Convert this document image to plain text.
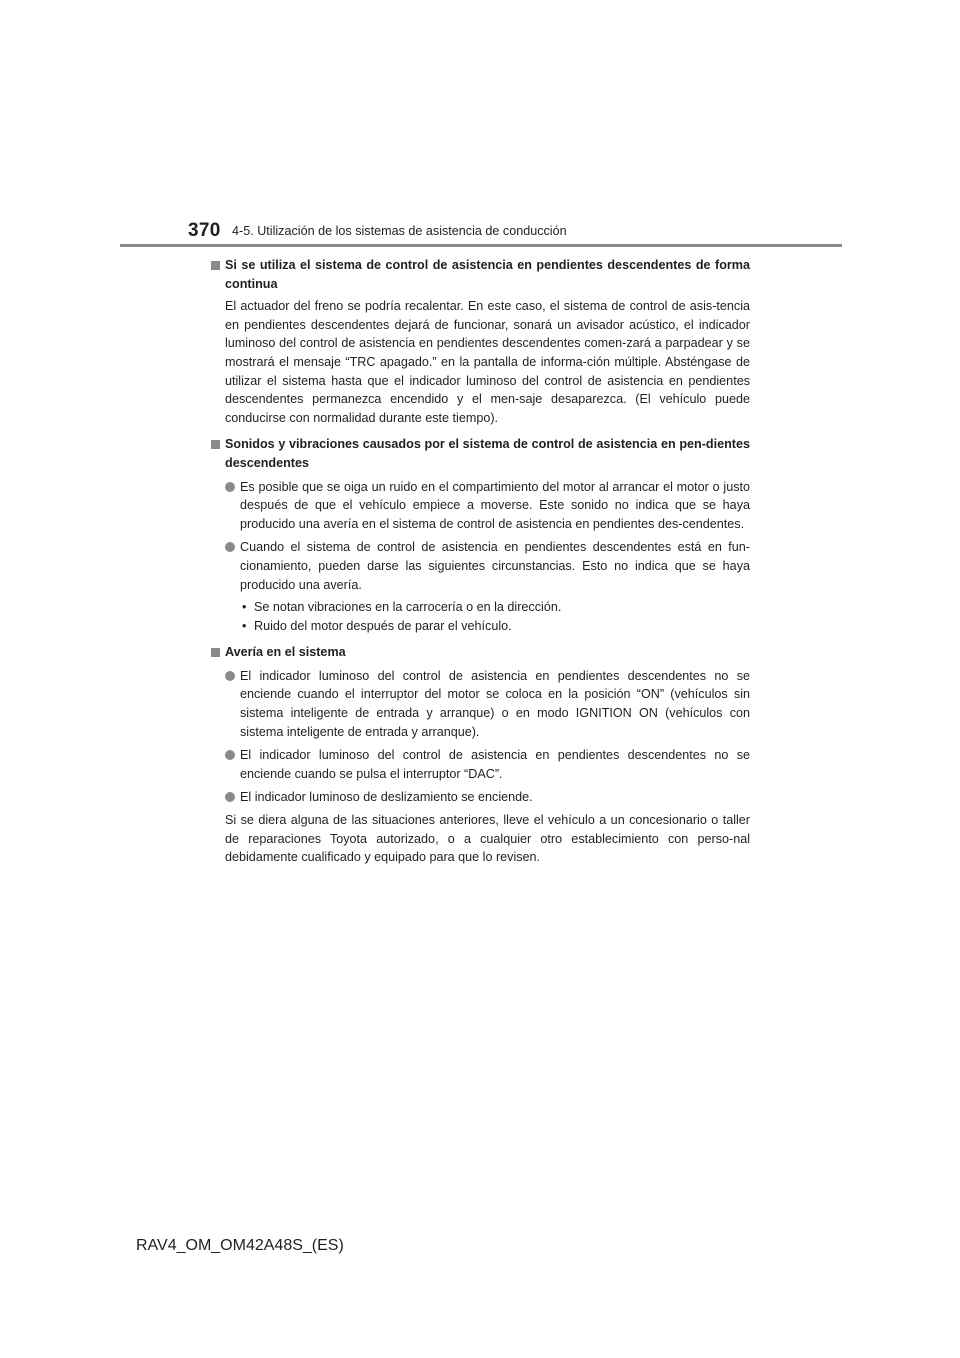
370 4-5. Utilización de los sistemas de asistencia de conducción
Si se utiliza el sistema de control de asistencia en pendientes descendentes de forma continua
El actuador del freno se podría recalentar. En este caso, el sistema de control de asis-tencia en pendientes descendentes dejará de funcionar, sonará un avisador acústico, el indicador luminoso del control de asistencia en pendientes descendentes comen-zará a parpadear y se mostrará el mensaje “TRC apagado.” en la pantalla de informa-ción múltiple. Absténgase de utilizar el sistema hasta que el indicador luminoso del control de asistencia en pendientes descendentes permanezca encendido y el men-saje desaparezca. (El vehículo puede conducirse con normalidad durante este tiempo).
Sonidos y vibraciones causados por el sistema de control de asistencia en pen-dientes descendentes
Es posible que se oiga un ruido en el compartimiento del motor al arrancar el motor o justo después de que el vehículo empiece a moverse. Este sonido no indica que se haya producido una avería en el sistema de control de asistencia en pendientes des-cendentes.
Cuando el sistema de control de asistencia en pendientes descendentes está en fun-cionamiento, pueden darse las siguientes circunstancias. Esto no indica que se haya producido una avería.
• Se notan vibraciones en la carrocería o en la dirección.
• Ruido del motor después de parar el vehículo.
Avería en el sistema
El indicador luminoso del control de asistencia en pendientes descendentes no se enciende cuando el interruptor del motor se coloca en la posición “ON” (vehículos sin sistema inteligente de entrada y arranque) o en modo IGNITION ON (vehículos con sistema inteligente de entrada y arranque).
El indicador luminoso del control de asistencia en pendientes descendentes no se enciende cuando se pulsa el interruptor “DAC”.
El indicador luminoso de deslizamiento se enciende.
Si se diera alguna de las situaciones anteriores, lleve el vehículo a un concesionario o taller de reparaciones Toyota autorizado, o a cualquier otro establecimiento con perso-nal debidamente cualificado y equipado para que lo revisen.
RAV4_OM_OM42A48S_(ES)
